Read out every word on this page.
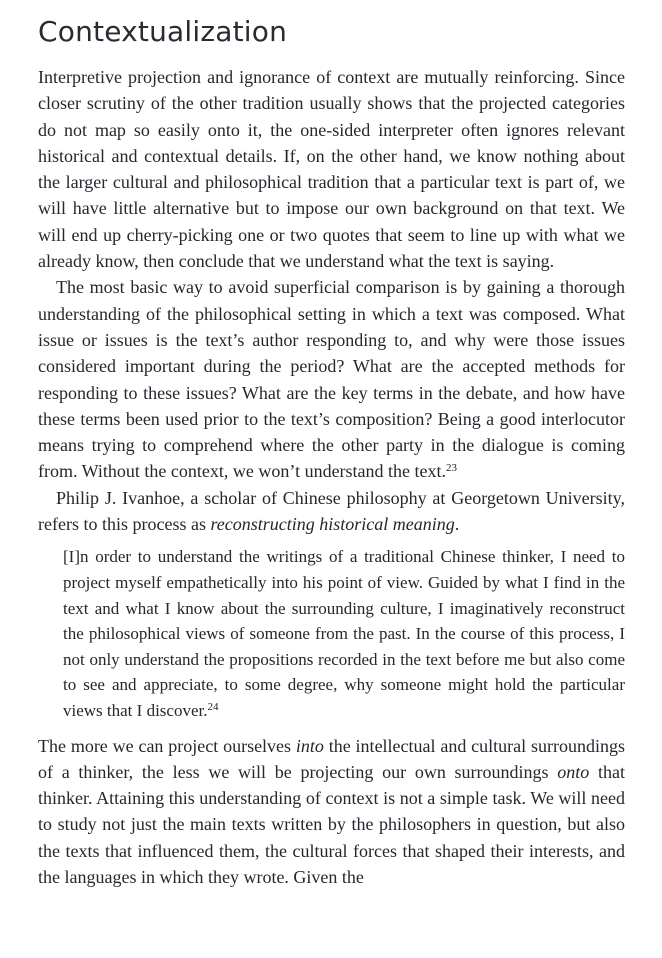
Contextualization

Interpretive projection and ignorance of context are mutually reinforcing. Since closer scrutiny of the other tradition usually shows that the projected categories do not map so easily onto it, the one-sided interpreter often ignores relevant historical and contextual details. If, on the other hand, we know nothing about the larger cultural and philosophical tradition that a particular text is part of, we will have little alternative but to impose our own background on that text. We will end up cherry-picking one or two quotes that seem to line up with what we already know, then conclude that we understand what the text is saying.

The most basic way to avoid superficial comparison is by gaining a thorough understanding of the philosophical setting in which a text was composed. What issue or issues is the text’s author responding to, and why were those issues considered important during the period? What are the accepted methods for responding to these issues? What are the key terms in the debate, and how have these terms been used prior to the text’s composition? Being a good interlocutor means trying to comprehend where the other party in the dialogue is coming from. Without the context, we won’t understand the text.$^{23}$

Philip J. Ivanhoe, a scholar of Chinese philosophy at Georgetown University, refers to this process as reconstructing historical meaning.

[I]n order to understand the writings of a traditional Chinese thinker, I need to project myself empathetically into his point of view. Guided by what I find in the text and what I know about the surrounding culture, I imaginatively reconstruct the philosophical views of someone from the past. In the course of this process, I not only understand the propositions recorded in the text before me but also come to see and appreciate, to some degree, why someone might hold the particular views that I discover.$^{24}$

The more we can project ourselves into the intellectual and cultural surroundings of a thinker, the less we will be projecting our own surroundings onto that thinker. Attaining this understanding of context is not a simple task. We will need to study not just the main texts written by the philosophers in question, but also the texts that influenced them, the cultural forces that shaped their interests, and the languages in which they wrote. Given the
